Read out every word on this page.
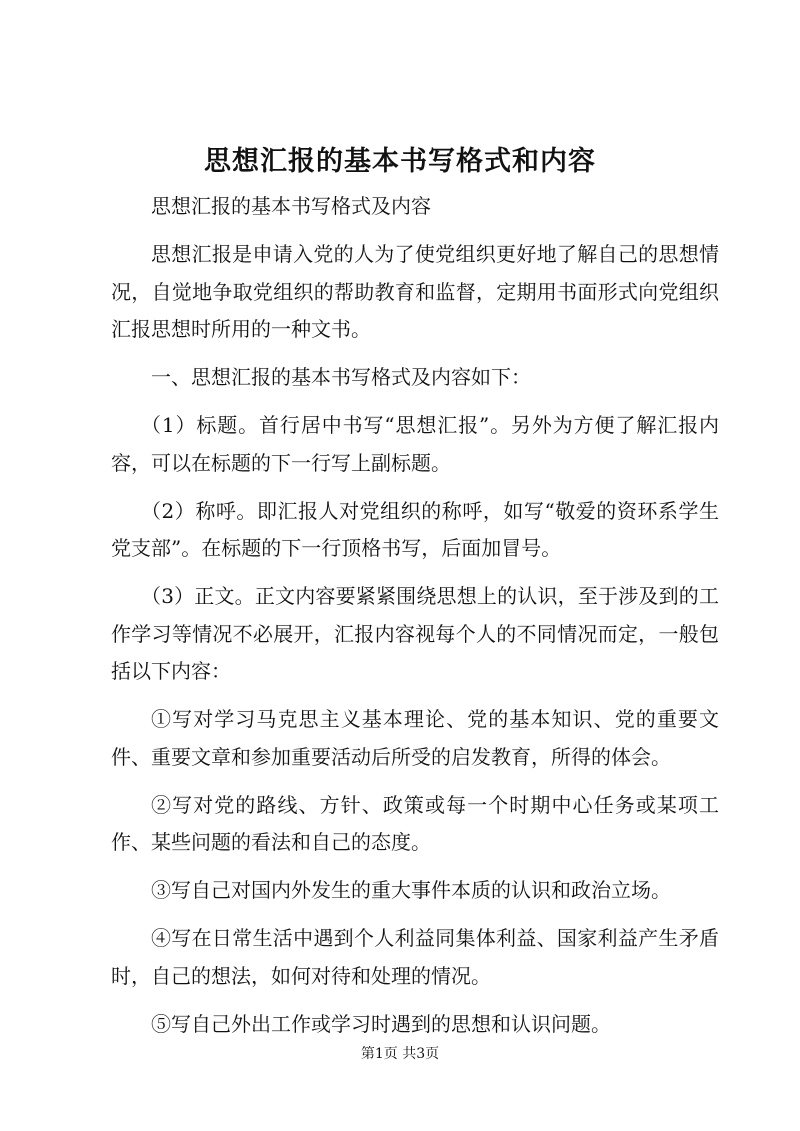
思想汇报的基本书写格式和内容

思想汇报的基本书写格式及内容

思想汇报是申请入党的人为了使党组织更好地了解自己的思想情况，自觉地争取党组织的帮助教育和监督，定期用书面形式向党组织汇报思想时所用的一种文书。

一、思想汇报的基本书写格式及内容如下：

（1）标题。首行居中书写“思想汇报”。另外为方便了解汇报内容，可以在标题的下一行写上副标题。

（2）称呼。即汇报人对党组织的称呼，如写“敬爱的资环系学生党支部”。在标题的下一行顶格书写，后面加冒号。

（3）正文。正文内容要紧紧围绕思想上的认识，至于涉及到的工作学习等情况不必展开，汇报内容视每个人的不同情况而定，一般包括以下内容：

①写对学习马克思主义基本理论、党的基本知识、党的重要文件、重要文章和参加重要活动后所受的启发教育，所得的体会。

②写对党的路线、方针、政策或每一个时期中心任务或某项工作、某些问题的看法和自己的态度。

③写自己对国内外发生的重大事件本质的认识和政治立场。

④写在日常生活中遇到个人利益同集体利益、国家利益产生矛盾时，自己的想法，如何对待和处理的情况。

⑤写自己外出工作或学习时遇到的思想和认识问题。

第1页 共3页
